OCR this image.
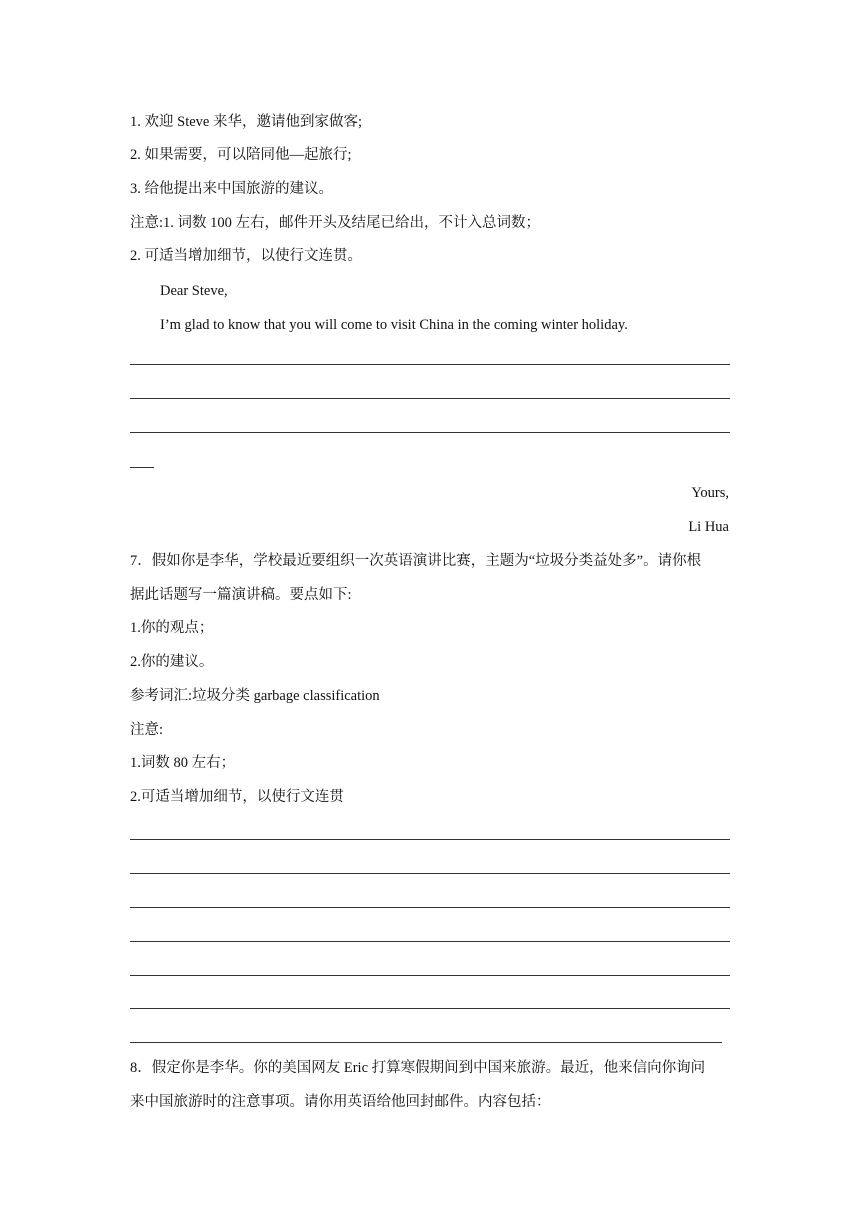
1. 欢迎 Steve 来华，邀请他到家做客;
2. 如果需要，可以陪同他—起旅行;
3. 给他提出来中国旅游的建议。
注意:1. 词数 100 左右，邮件开头及结尾已给出，不计入总词数；
2. 可适当增加细节，以使行文连贯。
Dear Steve,
I’m glad to know that you will come to visit China in the coming winter holiday.
Yours,
Li Hua
7．假如你是李华，学校最近要组织一次英语演讲比赛，主题为“垃圾分类益处多”。请你根
据此话题写一篇演讲稿。要点如下:
1.你的观点；
2.你的建议。
参考词汇:垃圾分类 garbage classification
注意:
1.词数 80 左右；
2.可适当增加细节，以使行文连贯
8．假定你是李华。你的美国网友 Eric 打算寒假期间到中国来旅游。最近，他来信向你询问
来中国旅游时的注意事项。请你用英语给他回封邮件。内容包括：
